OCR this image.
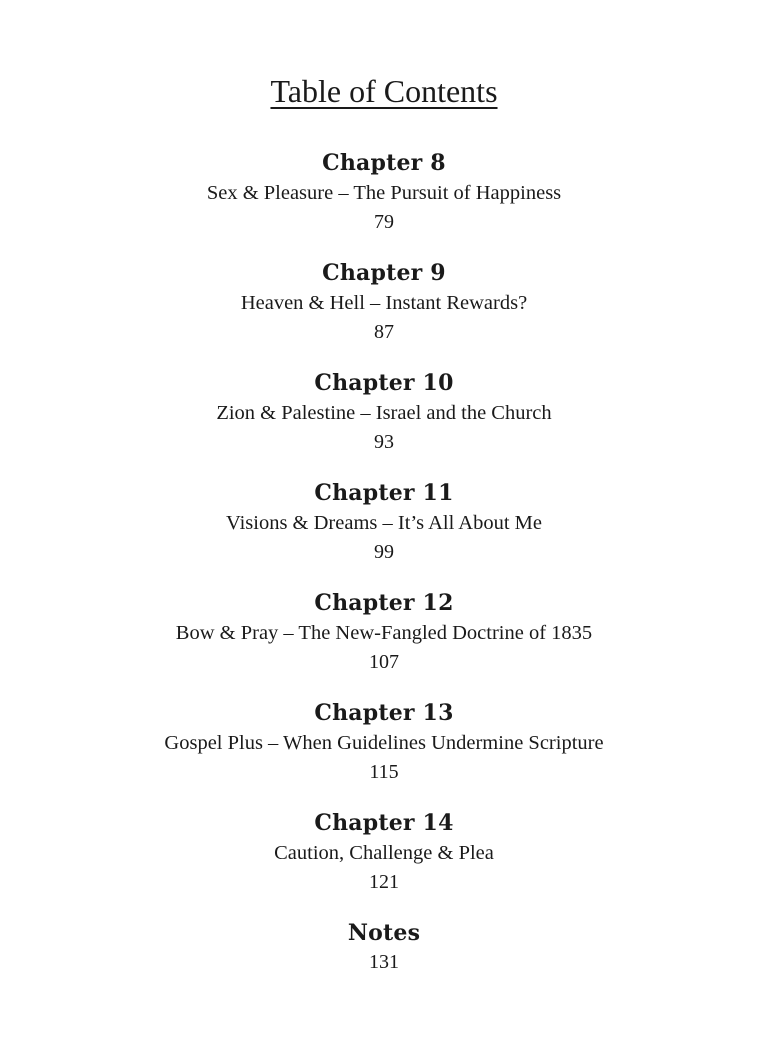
Table of Contents
Chapter 8
Sex & Pleasure – The Pursuit of Happiness
79
Chapter 9
Heaven & Hell – Instant Rewards?
87
Chapter 10
Zion & Palestine – Israel and the Church
93
Chapter 11
Visions & Dreams – It’s All About Me
99
Chapter 12
Bow & Pray – The New-Fangled Doctrine of 1835
107
Chapter 13
Gospel Plus – When Guidelines Undermine Scripture
115
Chapter 14
Caution, Challenge & Plea
121
Notes
131
